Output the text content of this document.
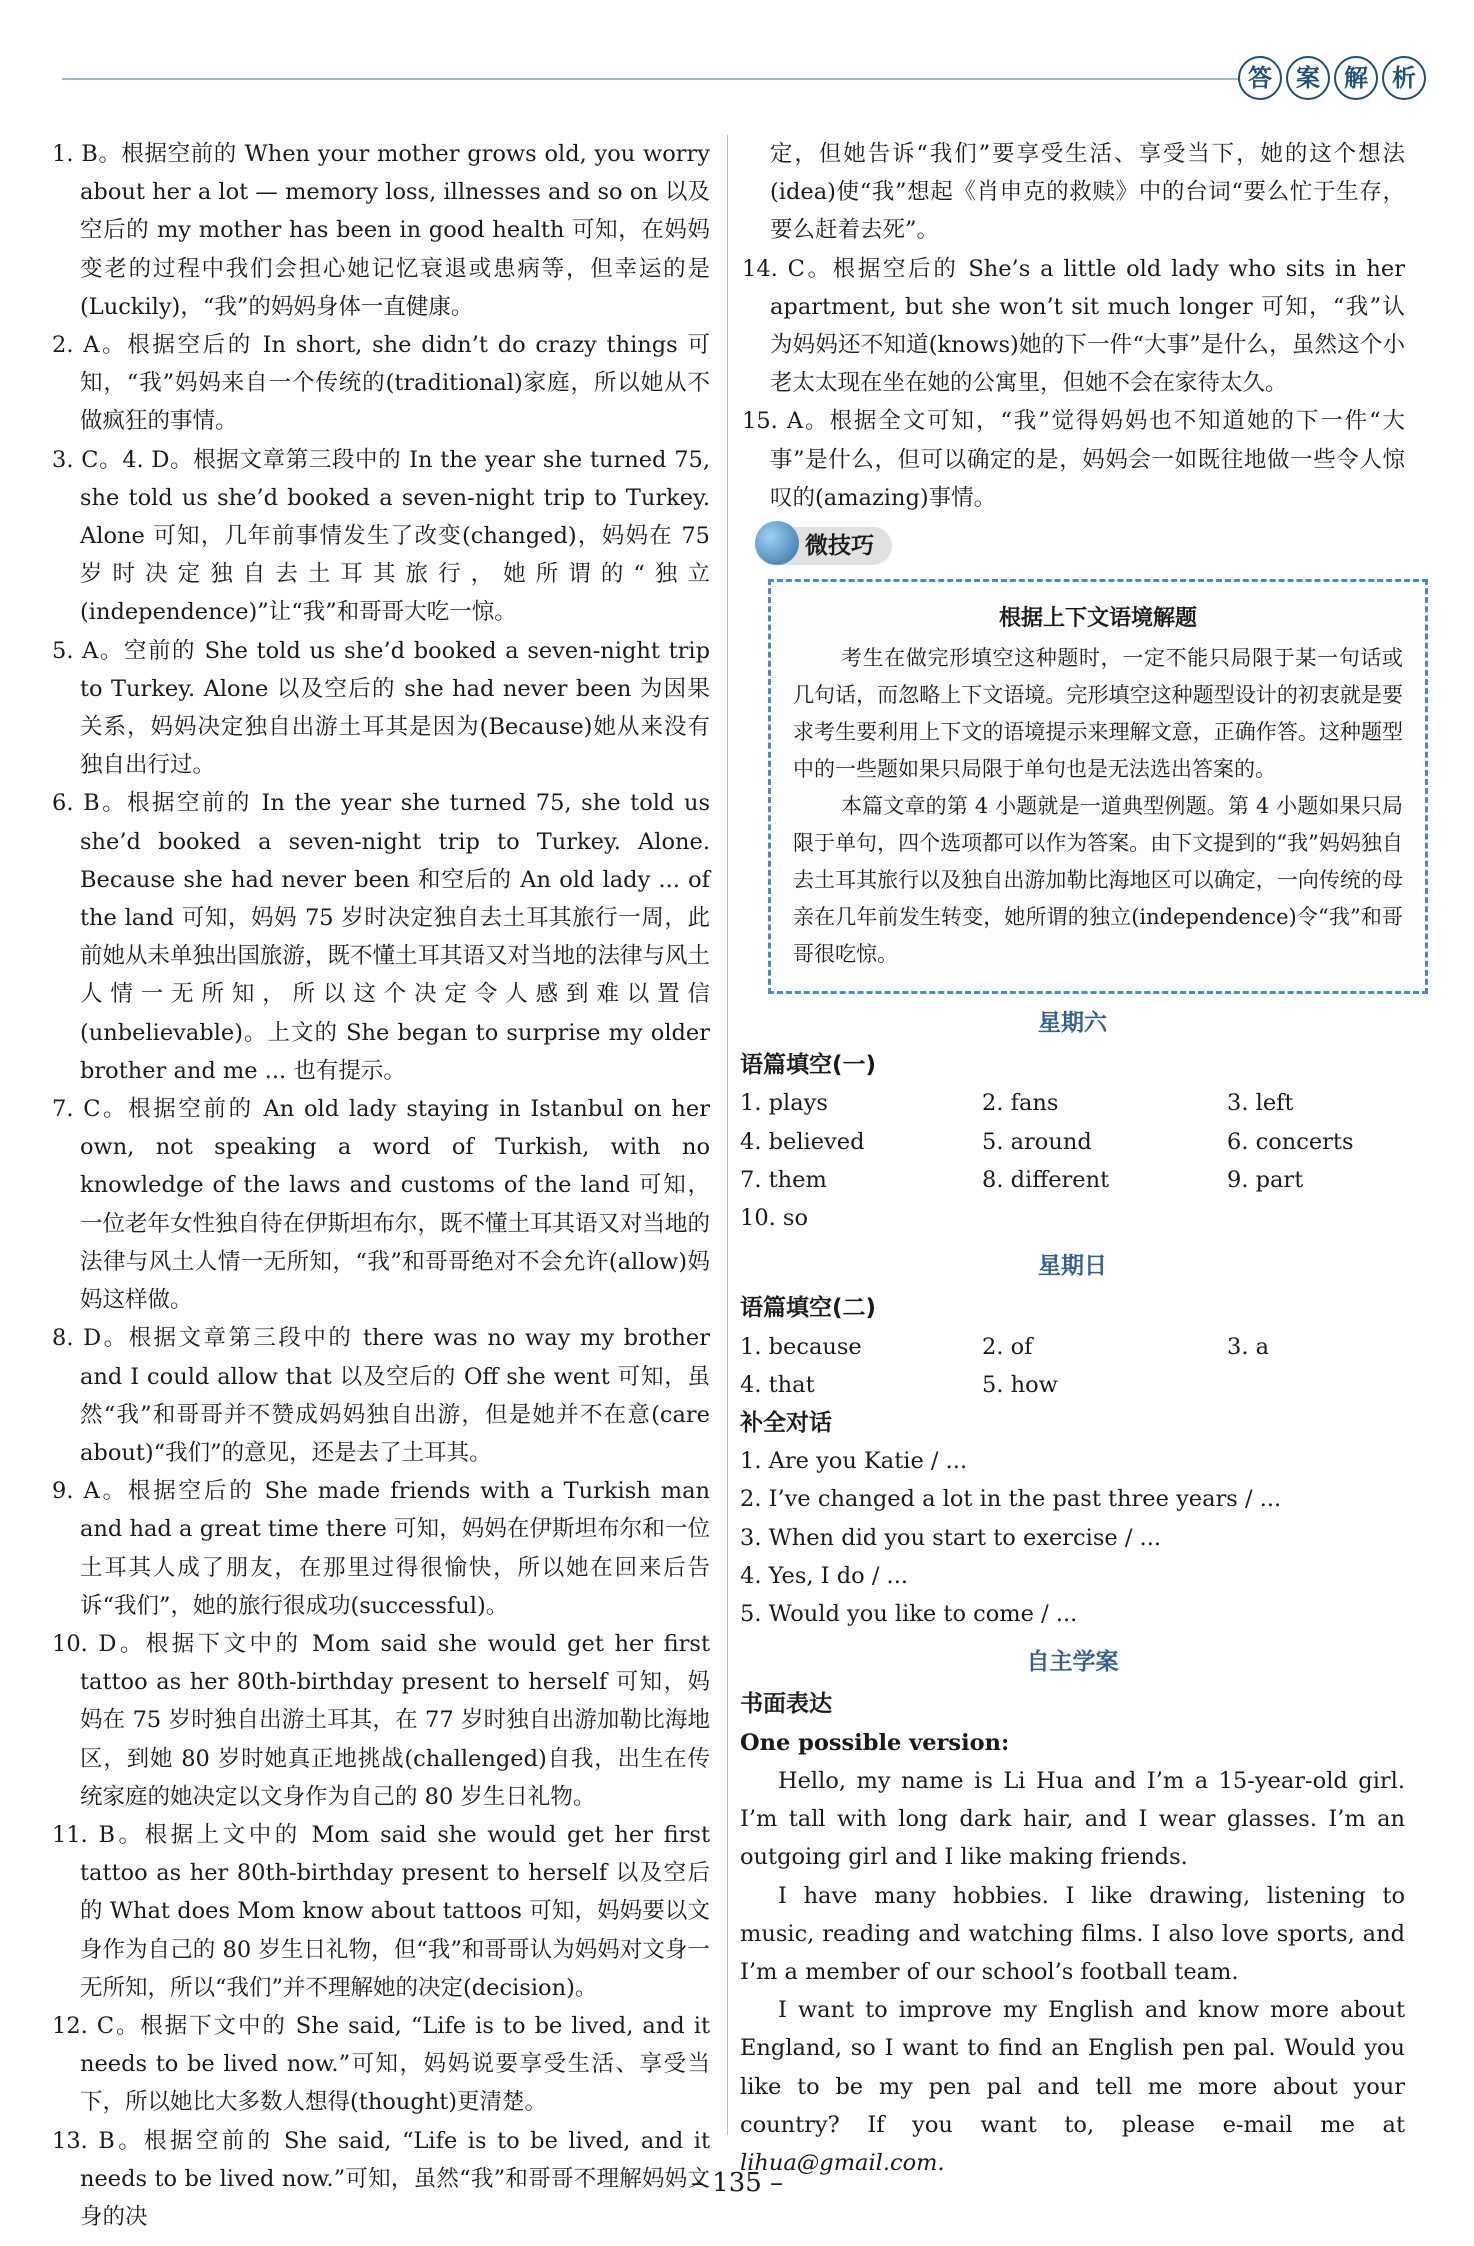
答	案	解	析

1. B。根据空前的 When your mother grows old, you worry about her a lot — memory loss, illnesses and so on 以及空后的 my mother has been in good health 可知，在妈妈变老的过程中我们会担心她记忆衰退或患病等，但幸运的是(Luckily)，“我”的妈妈身体一直健康。

2. A。根据空后的 In short, she didn’t do crazy things 可知，“我”妈妈来自一个传统的(traditional)家庭，所以她从不做疯狂的事情。

3. C。4. D。根据文章第三段中的 In the year she turned 75, she told us she’d booked a seven-night trip to Turkey. Alone 可知，几年前事情发生了改变(changed)，妈妈在 75 岁时决定独自去土耳其旅行，她所谓的“独立(independence)”让“我”和哥哥大吃一惊。

5. A。空前的 She told us she’d booked a seven-night trip to Turkey. Alone 以及空后的 she had never been 为因果关系，妈妈决定独自出游土耳其是因为(Because)她从来没有独自出行过。

6. B。根据空前的 In the year she turned 75, she told us she’d booked a seven-night trip to Turkey. Alone. Because she had never been 和空后的 An old lady ... of the land 可知，妈妈 75 岁时决定独自去土耳其旅行一周，此前她从未单独出国旅游，既不懂土耳其语又对当地的法律与风土人情一无所知，所以这个决定令人感到难以置信(unbelievable)。上文的 She began to surprise my older brother and me ... 也有提示。

7. C。根据空前的 An old lady staying in Istanbul on her own, not speaking a word of Turkish, with no knowledge of the laws and customs of the land 可知，一位老年女性独自待在伊斯坦布尔，既不懂土耳其语又对当地的法律与风土人情一无所知，“我”和哥哥绝对不会允许(allow)妈妈这样做。

8. D。根据文章第三段中的 there was no way my brother and I could allow that 以及空后的 Off she went 可知，虽然“我”和哥哥并不赞成妈妈独自出游，但是她并不在意(care about)“我们”的意见，还是去了土耳其。

9. A。根据空后的 She made friends with a Turkish man and had a great time there 可知，妈妈在伊斯坦布尔和一位土耳其人成了朋友，在那里过得很愉快，所以她在回来后告诉“我们”，她的旅行很成功(successful)。

10. D。根据下文中的 Mom said she would get her first tattoo as her 80th-birthday present to herself 可知，妈妈在 75 岁时独自出游土耳其，在 77 岁时独自出游加勒比海地区，到她 80 岁时她真正地挑战(challenged)自我，出生在传统家庭的她决定以文身作为自己的 80 岁生日礼物。

11. B。根据上文中的 Mom said she would get her first tattoo as her 80th-birthday present to herself 以及空后的 What does Mom know about tattoos 可知，妈妈要以文身作为自己的 80 岁生日礼物，但“我”和哥哥认为妈妈对文身一无所知，所以“我们”并不理解她的决定(decision)。

12. C。根据下文中的 She said, “Life is to be lived, and it needs to be lived now.”可知，妈妈说要享受生活、享受当下，所以她比大多数人想得(thought)更清楚。

13. B。根据空前的 She said, “Life is to be lived, and it needs to be lived now.”可知，虽然“我”和哥哥不理解妈妈文身的决

定，但她告诉“我们”要享受生活、享受当下，她的这个想法(idea)使“我”想起《肖申克的救赎》中的台词“要么忙于生存，要么赶着去死”。

14. C。根据空后的 She’s a little old lady who sits in her apartment, but she won’t sit much longer 可知，“我”认为妈妈还不知道(knows)她的下一件“大事”是什么，虽然这个小老太太现在坐在她的公寓里，但她不会在家待太久。

15. A。根据全文可知，“我”觉得妈妈也不知道她的下一件“大事”是什么，但可以确定的是，妈妈会一如既往地做一些令人惊叹的(amazing)事情。

微技巧
根据上下文语境解题

考生在做完形填空这种题时，一定不能只局限于某一句话或几句话，而忽略上下文语境。完形填空这种题型设计的初衷就是要求考生要利用上下文的语境提示来理解文意，正确作答。这种题型中的一些题如果只局限于单句也是无法选出答案的。

本篇文章的第 4 小题就是一道典型例题。第 4 小题如果只局限于单句，四个选项都可以作为答案。由下文提到的“我”妈妈独自去土耳其旅行以及独自出游加勒比海地区可以确定，一向传统的母亲在几年前发生转变，她所谓的独立(independence)令“我”和哥哥很吃惊。

星期六

语篇填空(一)

1. plays	2. fans	3. left
4. believed	5. around	6. concerts
7. them	8. different	9. part
10. so
星期日

语篇填空(二)

1. because	2. of	3. a
4. that	5. how

补全对话

1. Are you Katie / ...

2. I’ve changed a lot in the past three years / ...

3. When did you start to exercise / ...

4. Yes, I do / ...

5. Would you like to come / ...

自主学案

书面表达

One possible version:

Hello, my name is Li Hua and I’m a 15-year-old girl. I’m tall with long dark hair, and I wear glasses. I’m an outgoing girl and I like making friends.

I have many hobbies. I like drawing, listening to music, reading and watching films. I also love sports, and I’m a member of our school’s football team.

I want to improve my English and know more about England, so I want to find an English pen pal. Would you like to be my pen pal and tell me more about your country? If you want to, please e-mail me at lihua@gmail.com.

– 135 –
